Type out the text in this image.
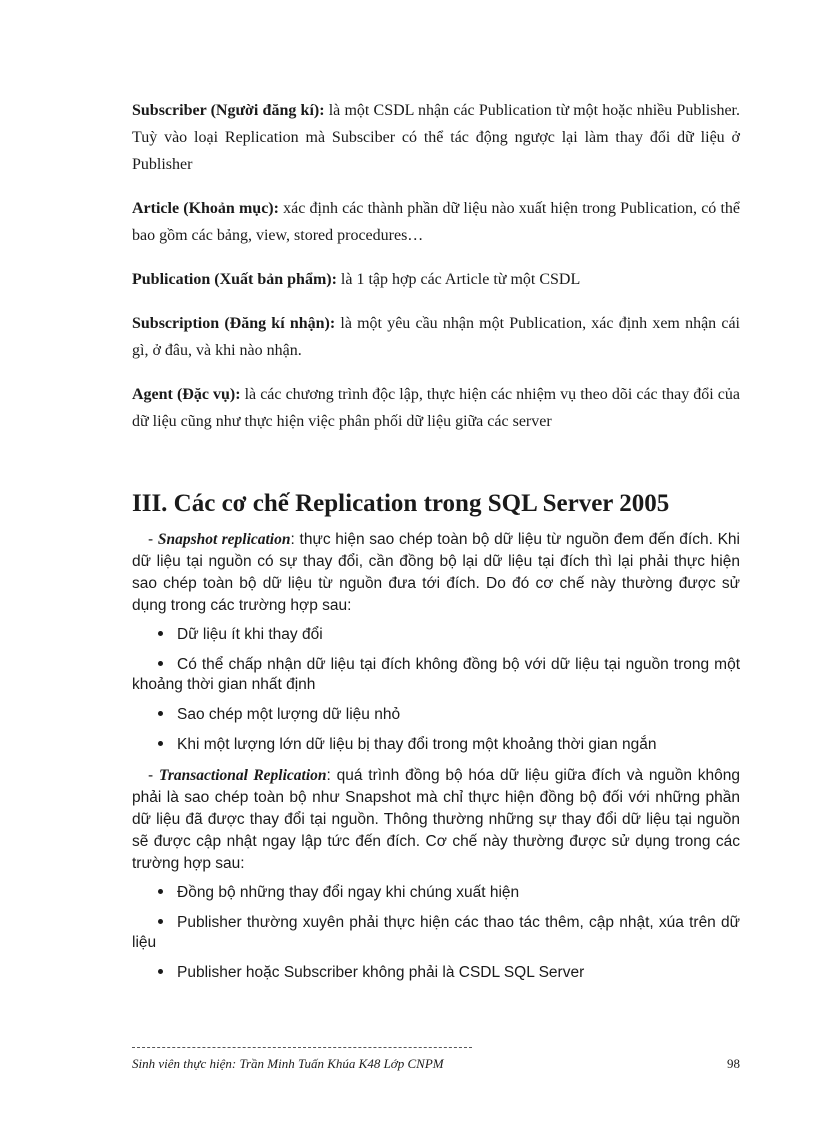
Subscriber (Người đăng kí): là một CSDL nhận các Publication từ một hoặc nhiều Publisher. Tuỳ vào loại Replication mà Subsciber có thể tác động ngược lại làm thay đổi dữ liệu ở Publisher

Article (Khoản mục): xác định các thành phần dữ liệu nào xuất hiện trong Publication, có thể bao gồm các bảng, view, stored procedures…

Publication (Xuất bản phẩm): là 1 tập hợp các Article từ một CSDL

Subscription (Đăng kí nhận): là một yêu cầu nhận một Publication, xác định xem nhận cái gì, ở đâu, và khi nào nhận.

Agent (Đặc vụ): là các chương trình độc lập, thực hiện các nhiệm vụ theo dõi các thay đổi của dữ liệu cũng như thực hiện việc phân phối dữ liệu giữa các server

III. Các cơ chế Replication trong SQL Server 2005

- Snapshot replication: thực hiện sao chép toàn bộ dữ liệu từ nguồn đem đến đích. Khi dữ liệu tại nguồn có sự thay đổi, cần đồng bộ lại dữ liệu tại đích thì lại phải thực hiện sao chép toàn bộ dữ liệu từ nguồn đưa tới đích. Do đó cơ chế này thường được sử dụng trong các trường hợp sau:

Dữ liệu ít khi thay đổi
Có thể chấp nhận dữ liệu tại đích không đồng bộ với dữ liệu tại nguồn trong một khoảng thời gian nhất định
Sao chép một lượng dữ liệu nhỏ
Khi một lượng lớn dữ liệu bị thay đổi trong một khoảng thời gian ngắn

- Transactional Replication: quá trình đồng bộ hóa dữ liệu giữa đích và nguồn không phải là sao chép toàn bộ như Snapshot mà chỉ thực hiện đồng bộ đối với những phần dữ liệu đã được thay đổi tại nguồn. Thông thường những sự thay đổi dữ liệu tại nguồn sẽ được cập nhật ngay lập tức đến đích. Cơ chế này thường được sử dụng trong các trường hợp sau:

Đồng bộ những thay đổi ngay khi chúng xuất hiện
Publisher thường xuyên phải thực hiện các thao tác thêm, cập nhật, xúa trên dữ liệu
Publisher hoặc Subscriber không phải là CSDL SQL Server
Sinh viên thực hiện: Trần Minh Tuấn Khúa K48 Lớp CNPM	98
